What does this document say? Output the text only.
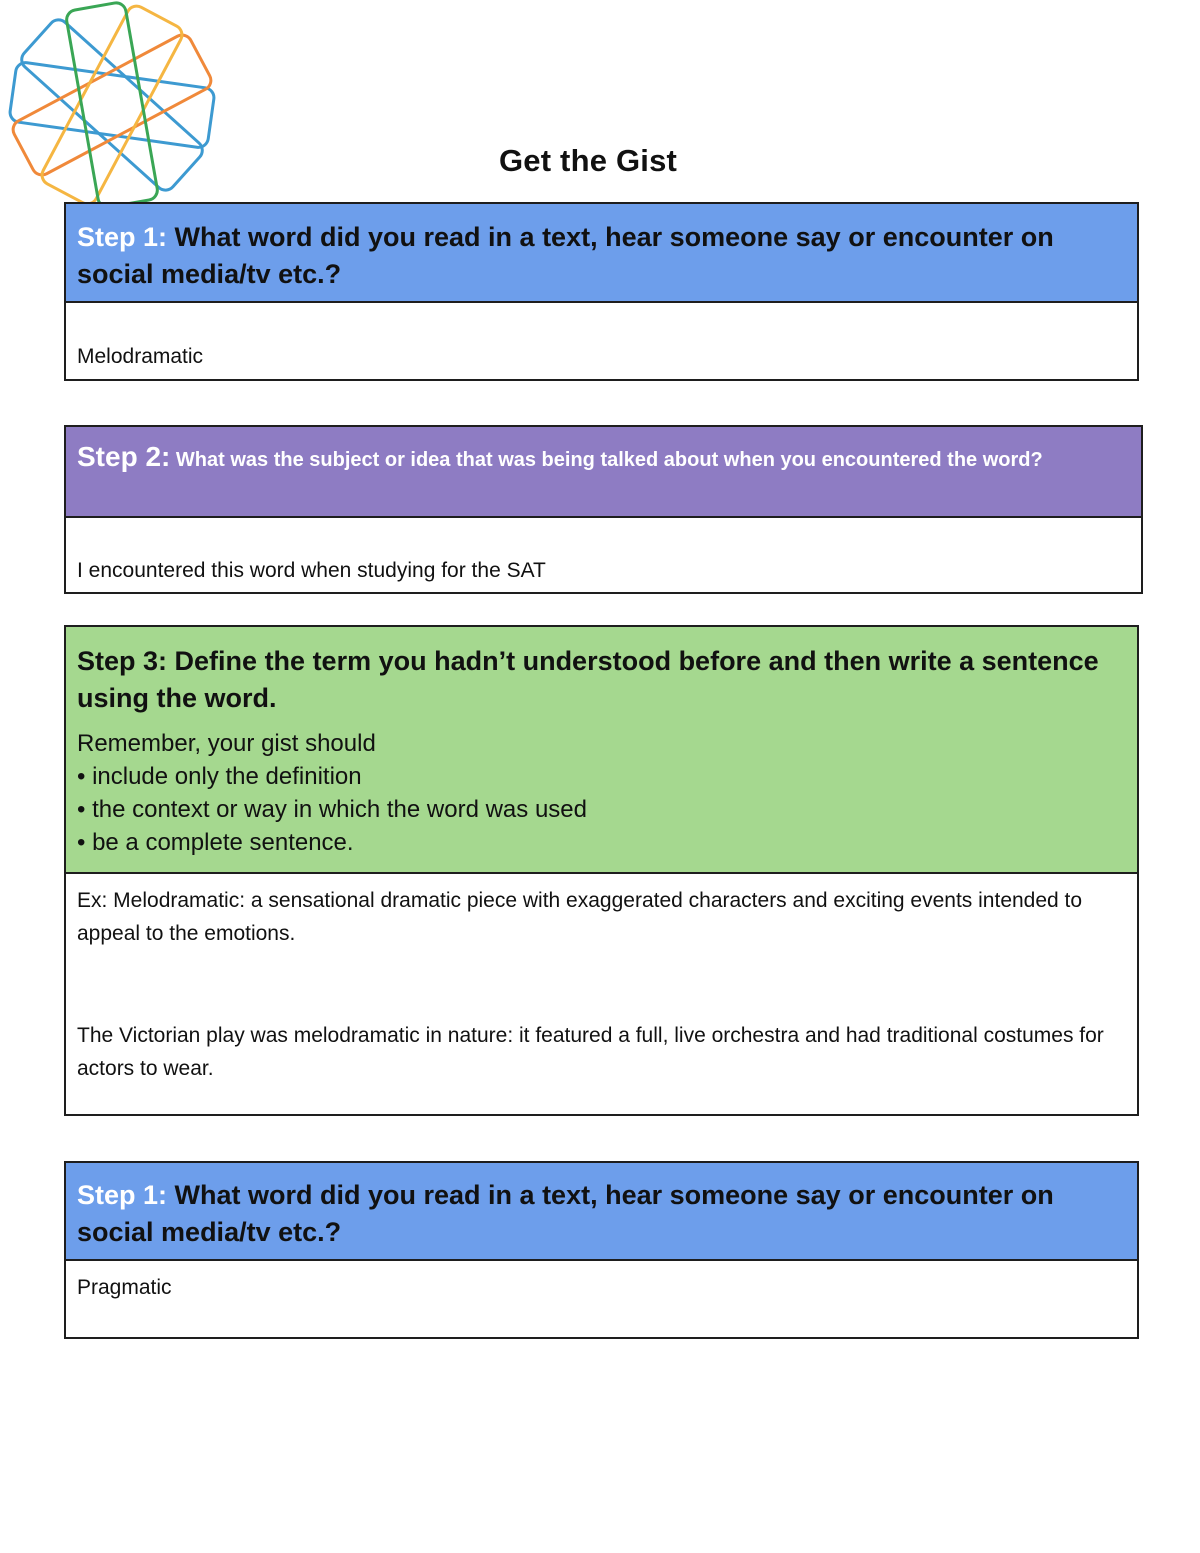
Get the Gist
Step 1: What word did you read in a text, hear someone say or encounter on social media/tv etc.?
Melodramatic
Step 2: What was the subject or idea that was being talked about when you encountered the word?
I encountered this word when studying for the SAT
Step 3: Define the term you hadn’t understood before and then write a sentence using the word.
Remember, your gist should
• include only the definition
• the context or way in which the word was used
• be a complete sentence.
Ex: Melodramatic: a sensational dramatic piece with exaggerated characters and exciting events intended to appeal to the emotions.
The Victorian play was melodramatic in nature: it featured a full, live orchestra and had traditional costumes for actors to wear.
Step 1: What word did you read in a text, hear someone say or encounter on social media/tv etc.?
Pragmatic
